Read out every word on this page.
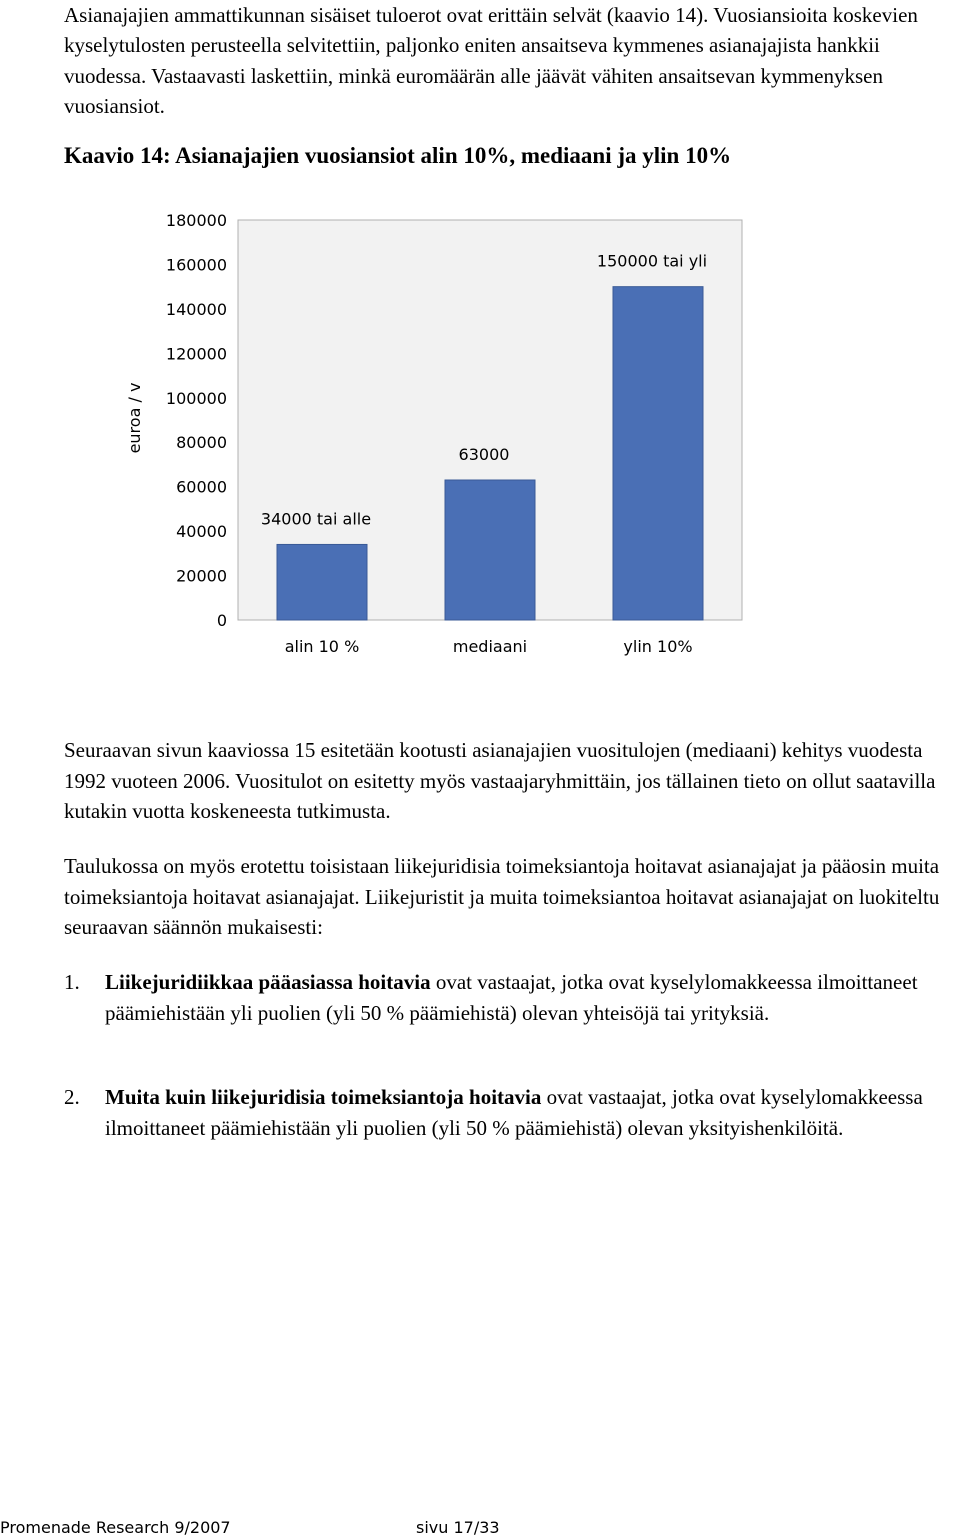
Asianajajien ammattikunnan sisäiset tuloerot ovat erittäin selvät (kaavio 14). Vuosiansioita koskevien kyselytulosten perusteella selvitettiin, paljonko eniten ansaitseva kymmenes asianajajista hankkii vuodessa. Vastaavasti laskettiin, minkä euromäärän alle jäävät vähiten ansaitsevan kymmenyksen vuosiansiot.

Kaavio 14: Asianajajien vuosiansiot alin 10%, mediaani ja ylin 10%

0
20000
40000
60000
80000
100000
120000
140000
160000
180000
euroa / v
alin 10 %
34000 tai alle
mediaani
63000
ylin 10%
150000 tai yli

Seuraavan sivun kaaviossa 15 esitetään kootusti asianajajien vuositulojen (mediaani) kehitys vuodesta 1992 vuoteen 2006. Vuositulot on esitetty myös vastaajaryhmittäin, jos tällainen tieto on ollut saatavilla kutakin vuotta koskeneesta tutkimusta.

Taulukossa on myös erotettu toisistaan liikejuridisia toimeksiantoja hoitavat asianajajat ja pääosin muita toimeksiantoja hoitavat asianajajat. Liikejuristit ja muita toimeksiantoa hoitavat asianajajat on luokiteltu seuraavan säännön mukaisesti:

1. Liikejuridiikkaa pääasiassa hoitavia ovat vastaajat, jotka ovat kyselylomakkeessa ilmoittaneet päämiehistään yli puolien (yli 50 % päämiehistä) olevan yhteisöjä tai yrityksiä.
2. Muita kuin liikejuridisia toimeksiantoja hoitavia ovat vastaajat, jotka ovat kyselylomakkeessa ilmoittaneet päämiehistään yli puolien (yli 50 % päämiehistä) olevan yksityishenkilöitä.
Promenade Research 9/2007	sivu 17/33
